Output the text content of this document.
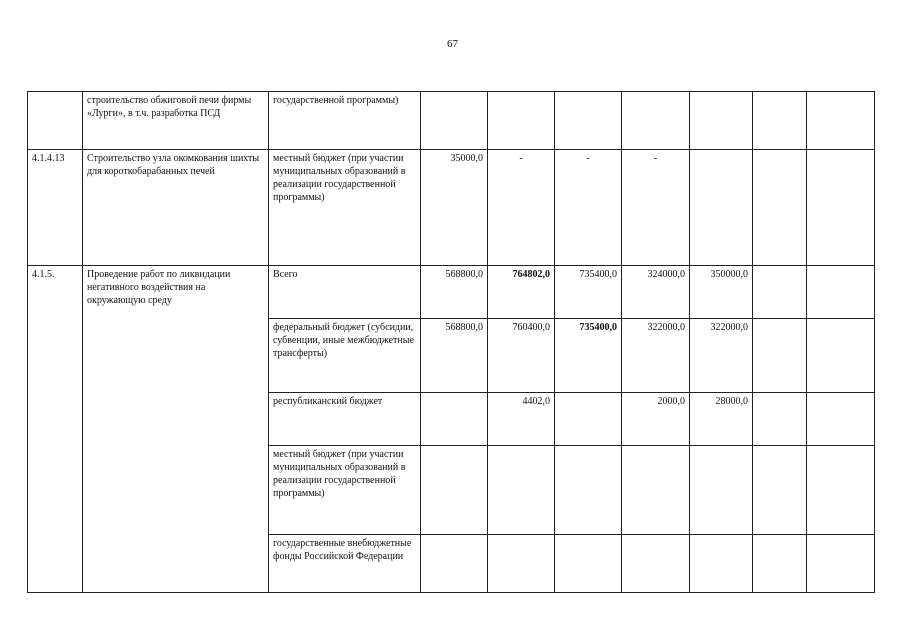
67
	строительство обжиговой печи фирмы «Лурги», в т.ч. разработка ПСД	государственной программы)							
4.1.4.13	Строительство узла окомкования шихты для короткобарабанных печей	местный бюджет (при участии муниципальных образований в реализации государственной программы)	35000,0	-	-	-			
4.1.5.	Проведение работ по ликвидации негативного воздействия на окружающую среду	Всего	568800,0	764802,0	735400,0	324000,0	350000,0		
		федеральный бюджет (субсидии, субвенции, иные межбюджетные трансферты)	568800,0	760400,0	735400,0	322000,0	322000,0		
		республиканский бюджет		4402,0		2000,0	28000,0		
		местный бюджет (при участии муниципальных образований в реализации государственной программы)							
		государственные внебюджетные фонды Российской Федерации							
